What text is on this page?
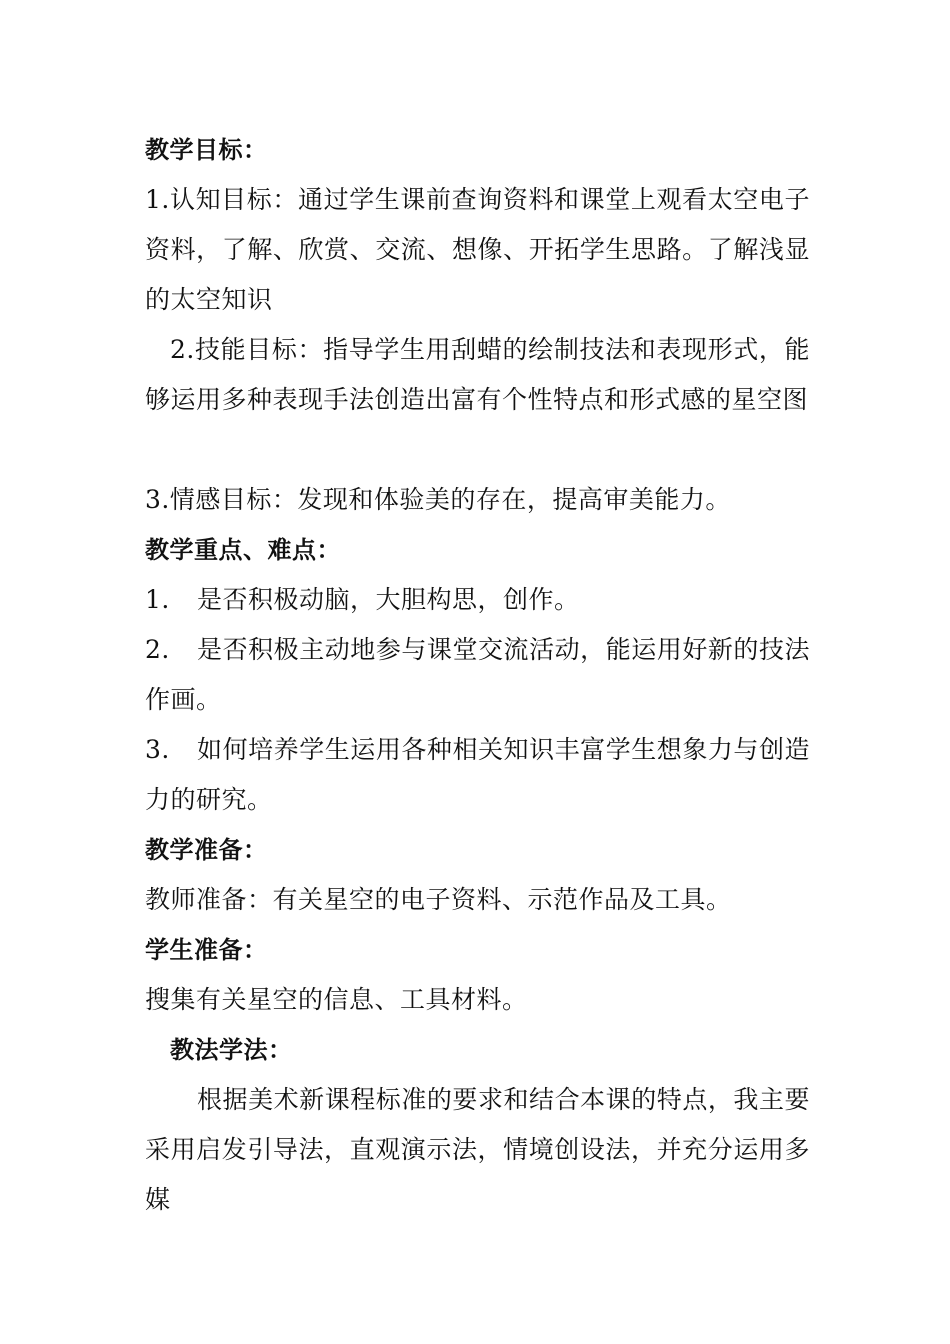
教学目标：

1.认知目标：通过学生课前查询资料和课堂上观看太空电子资料，了解、欣赏、交流、想像、开拓学生思路。了解浅显的太空知识

2.技能目标：指导学生用刮蜡的绘制技法和表现形式，能够运用多种表现手法创造出富有个性特点和形式感的星空图

3.情感目标：发现和体验美的存在，提高审美能力。

教学重点、难点：

1. 是否积极动脑，大胆构思，创作。

2. 是否积极主动地参与课堂交流活动，能运用好新的技法作画。

3. 如何培养学生运用各种相关知识丰富学生想象力与创造力的研究。

教学准备：

教师准备：有关星空的电子资料、示范作品及工具。

学生准备：

搜集有关星空的信息、工具材料。

教法学法：

根据美术新课程标准的要求和结合本课的特点，我主要采用启发引导法，直观演示法，情境创设法，并充分运用多媒
